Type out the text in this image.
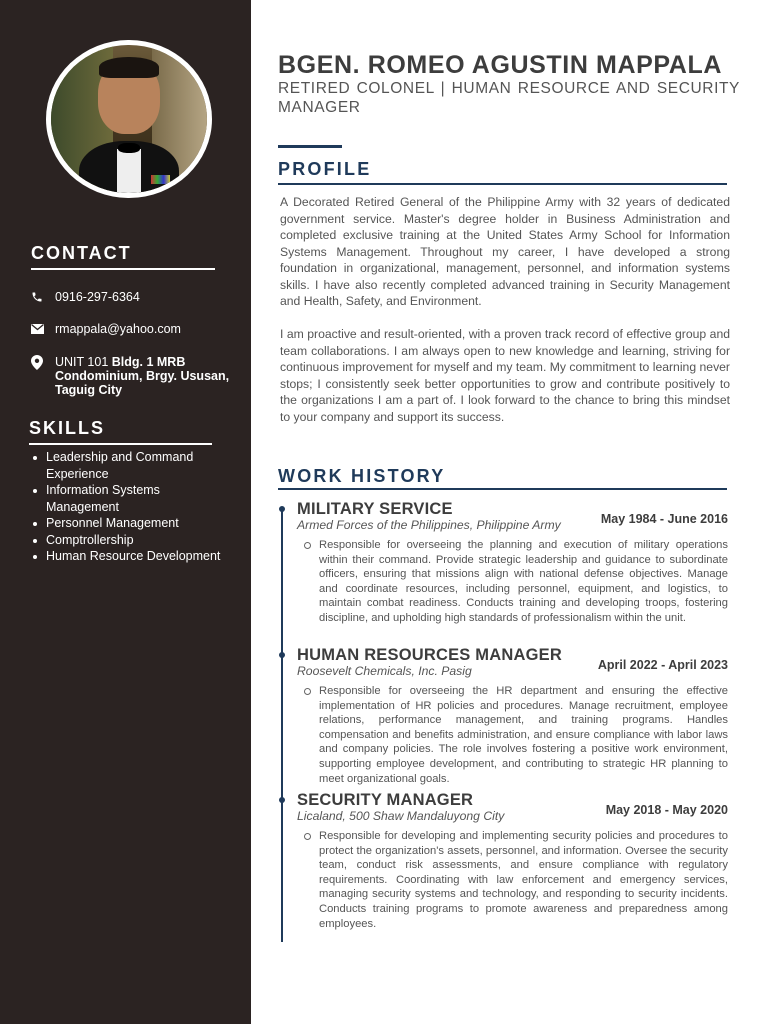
CONTACT
0916-297-6364
rmappala@yahoo.com
UNIT 101 Bldg. 1 MRB
Condominium, Brgy. Ususan,
Taguig City
SKILLS
Leadership and Command Experience
Information Systems Management
Personnel Management
Comptrollership
Human Resource Development
BGEN. ROMEO AGUSTIN MAPPALA
RETIRED COLONEL | HUMAN RESOURCE AND SECURITY MANAGER
PROFILE

A Decorated Retired General of the Philippine Army with 32 years of dedicated government service. Master's degree holder in Business Administration and completed exclusive training at the United States Army School for Information Systems Management. Throughout my career, I have developed a strong foundation in organizational, management, personnel, and information systems skills. I have also recently completed advanced training in Security Management and Health, Safety, and Environment.

I am proactive and result-oriented, with a proven track record of effective group and team collaborations. I am always open to new knowledge and learning, striving for continuous improvement for myself and my team. My commitment to learning never stops; I consistently seek better opportunities to grow and contribute positively to the organizations I am a part of. I look forward to the chance to bring this mindset to your company and support its success.

WORK HISTORY
MILITARY SERVICE
May 1984 - June 2016
Armed Forces of the Philippines, Philippine Army
Responsible for overseeing the planning and execution of military operations within their command. Provide strategic leadership and guidance to subordinate officers, ensuring that missions align with national defense objectives. Manage and coordinate resources, including personnel, equipment, and logistics, to maintain combat readiness. Conducts training and developing troops, fostering discipline, and upholding high standards of professionalism within the unit.
HUMAN RESOURCES MANAGER
April 2022 - April 2023
Roosevelt Chemicals, Inc. Pasig
Responsible for overseeing the HR department and ensuring the effective implementation of HR policies and procedures. Manage recruitment, employee relations, performance management, and training programs. Handles compensation and benefits administration, and ensure compliance with labor laws and company policies. The role involves fostering a positive work environment, supporting employee development, and contributing to strategic HR planning to meet organizational goals.
SECURITY MANAGER
May 2018 - May 2020
Licaland, 500 Shaw Mandaluyong City
Responsible for developing and implementing security policies and procedures to protect the organization's assets, personnel, and information. Oversee the security team, conduct risk assessments, and ensure compliance with regulatory requirements. Coordinating with law enforcement and emergency services, managing security systems and technology, and responding to security incidents. Conducts training programs to promote awareness and preparedness among employees.
